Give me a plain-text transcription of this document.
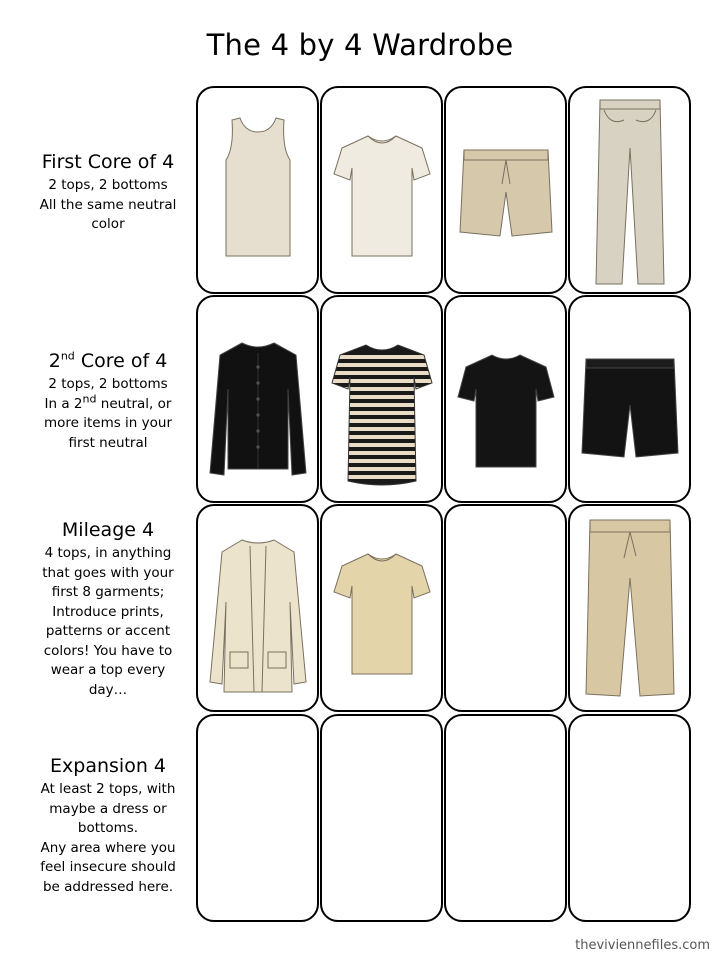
The 4 by 4 Wardrobe
First Core of 4
2 tops, 2 bottoms
All the same neutral
color
2nd Core of 4
2 tops, 2 bottoms
In a 2nd neutral, or
more items in your
first neutral
Mileage 4
4 tops, in anything
that goes with your
first 8 garments;
Introduce prints,
patterns or accent
colors! You have to
wear a top every
day…
Expansion 4
At least 2 tops, with
maybe a dress or
bottoms.
Any area where you
feel insecure should
be addressed here.
theviviennefiles.com
